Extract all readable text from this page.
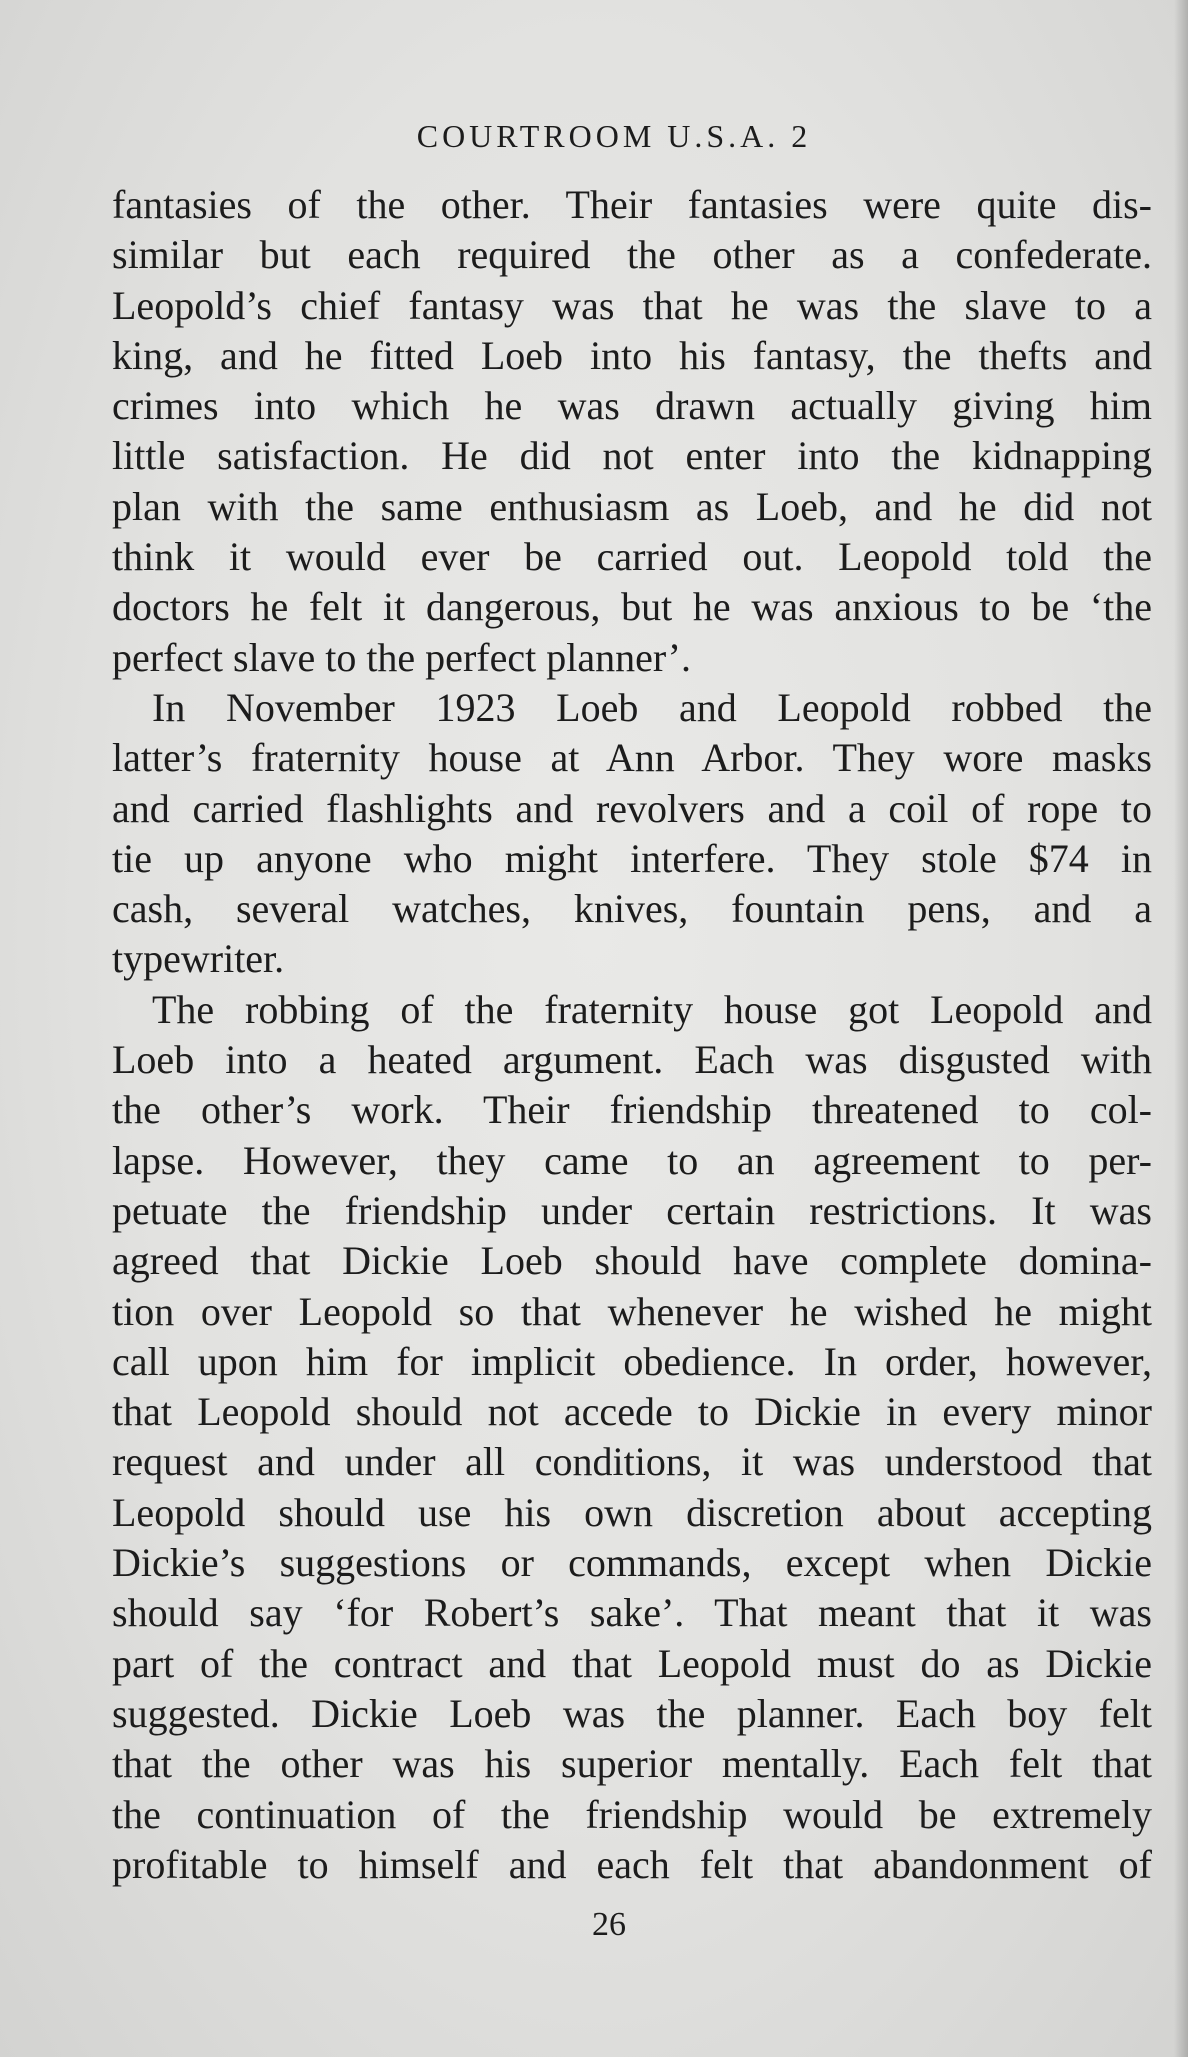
COURTROOM U.S.A. 2
fantasies of the other. Their fantasies were quite dis-
similar but each required the other as a confederate.
Leopold’s chief fantasy was that he was the slave to a
king, and he fitted Loeb into his fantasy, the thefts and
crimes into which he was drawn actually giving him
little satisfaction. He did not enter into the kidnapping
plan with the same enthusiasm as Loeb, and he did not
think it would ever be carried out. Leopold told the
doctors he felt it dangerous, but he was anxious to be ‘the
perfect slave to the perfect planner’.
In November 1923 Loeb and Leopold robbed the
latter’s fraternity house at Ann Arbor. They wore masks
and carried flashlights and revolvers and a coil of rope to
tie up anyone who might interfere. They stole $74 in
cash, several watches, knives, fountain pens, and a
typewriter.
The robbing of the fraternity house got Leopold and
Loeb into a heated argument. Each was disgusted with
the other’s work. Their friendship threatened to col-
lapse. However, they came to an agreement to per-
petuate the friendship under certain restrictions. It was
agreed that Dickie Loeb should have complete domina-
tion over Leopold so that whenever he wished he might
call upon him for implicit obedience. In order, however,
that Leopold should not accede to Dickie in every minor
request and under all conditions, it was understood that
Leopold should use his own discretion about accepting
Dickie’s suggestions or commands, except when Dickie
should say ‘for Robert’s sake’. That meant that it was
part of the contract and that Leopold must do as Dickie
suggested. Dickie Loeb was the planner. Each boy felt
that the other was his superior mentally. Each felt that
the continuation of the friendship would be extremely
profitable to himself and each felt that abandonment of
26
